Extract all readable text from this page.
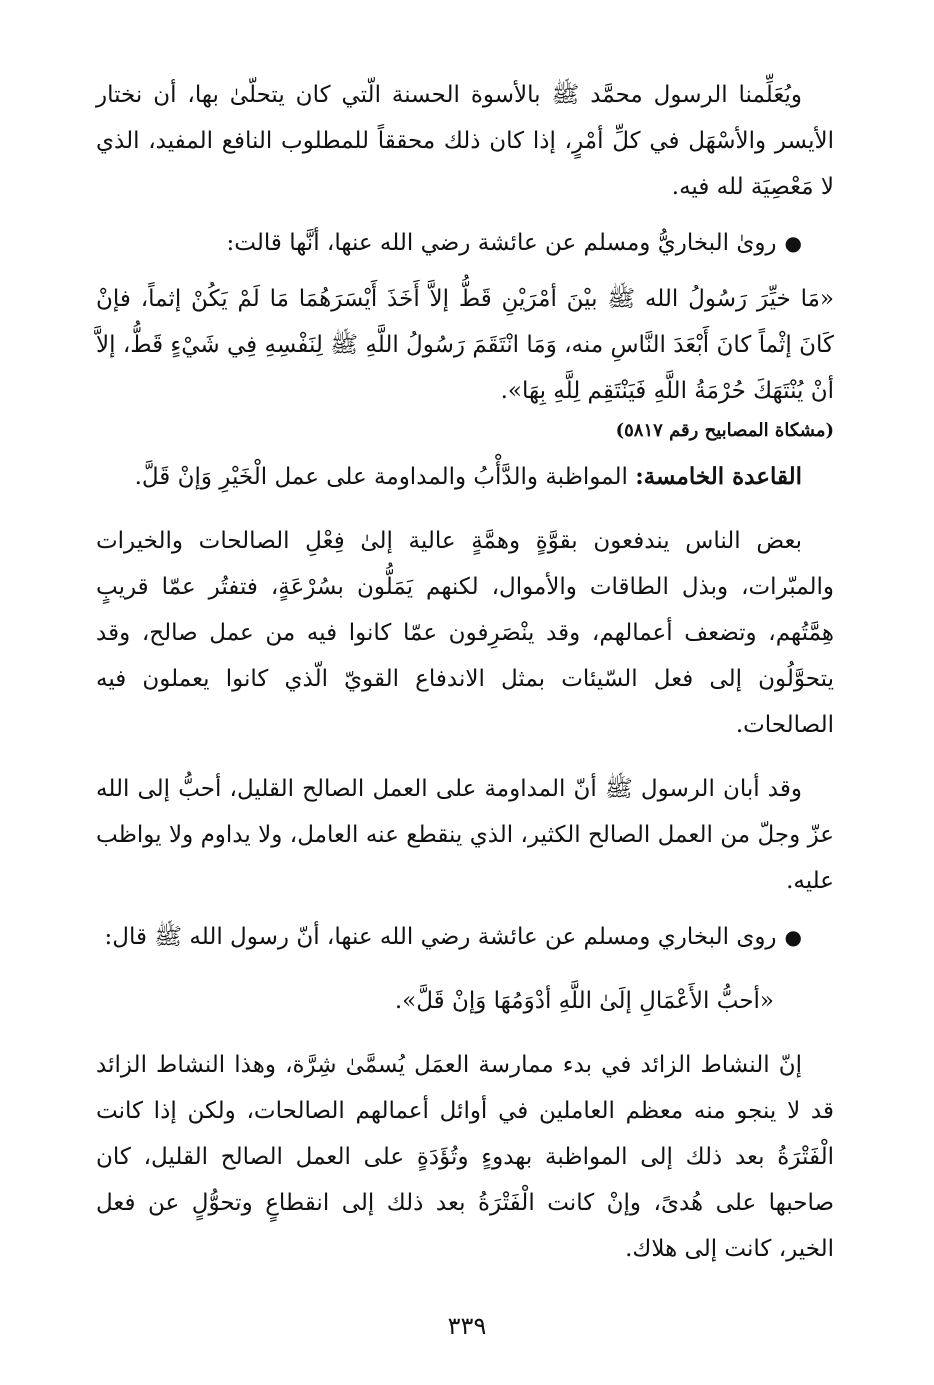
ويُعَلِّمنا الرسول محمَّد ﷺ بالأسوة الحسنة الّتي كان يتحلّىٰ بها، أن نختار الأيسر والأسْهَل في كلِّ أمْرٍ، إذا كان ذلك محققاً للمطلوب النافع المفيد، الذي لا مَعْصِيَة لله فيه.

●روىٰ البخاريُّ ومسلم عن عائشة رضي الله عنها، أنَّها قالت:

«مَا خيِّرَ رَسُولُ الله ﷺ بيْنَ أمْرَيْنِ قَطُّ إلاَّ أَخَذَ أَيْسَرَهُمَا مَا لَمْ يَكُنْ إثماً، فإنْ كَانَ إثْماً كانَ أَبْعَدَ النَّاسِ منه، وَمَا انْتَقَمَ رَسُولُ اللَّهِ ﷺ لِنَفْسِهِ فِي شَيْءٍ قَطُّ، إلاَّ أنْ يُنْتَهَكَ حُرْمَةُ اللَّهِ فَيَنْتَقِم لِلَّهِ بِهَا».

(مشكاة المصابيح رقم ٥٨١٧)

القاعدة الخامسة: المواظبة والدَّأْبُ والمداومة على عمل الْخَيْرِ وَإنْ قَلَّ.

بعض الناس يندفعون بقوَّةٍ وهمَّةٍ عالية إلىٰ فِعْلِ الصالحات والخيرات والمبّرات، وبذل الطاقات والأموال، لكنهم يَمَلُّون بسُرْعَةٍ، فتفتُر عمّا قريبٍ هِمَّتُهم، وتضعف أعمالهم، وقد ينْصَرِفون عمّا كانوا فيه من عمل صالح، وقد يتحوَّلُون إلى فعل السّيئات بمثل الاندفاع القويّ الّذي كانوا يعملون فيه الصالحات.

وقد أبان الرسول ﷺ أنّ المداومة على العمل الصالح القليل، أحبُّ إلى الله عزّ وجلّ من العمل الصالح الكثير، الذي ينقطع عنه العامل، ولا يداوم ولا يواظب عليه.

●روى البخاري ومسلم عن عائشة رضي الله عنها، أنّ رسول الله ﷺ قال:

«أحبُّ الأَعْمَالِ إلَىٰ اللَّهِ أدْوَمُهَا وَإنْ قَلَّ».

إنّ النشاط الزائد في بدء ممارسة العمَل يُسمَّىٰ شِرَّة، وهذا النشاط الزائد قد لا ينجو منه معظم العاملين في أوائل أعمالهم الصالحات، ولكن إذا كانت الْفَتْرَةُ بعد ذلك إلى المواظبة بهدوءٍ وتُؤَدَةٍ على العمل الصالح القليل، كان صاحبها على هُدىً، وإنْ كانت الْفَتْرَةُ بعد ذلك إلى انقطاعٍ وتحوُّلٍ عن فعل الخير، كانت إلى هلاك.

٣٣٩
